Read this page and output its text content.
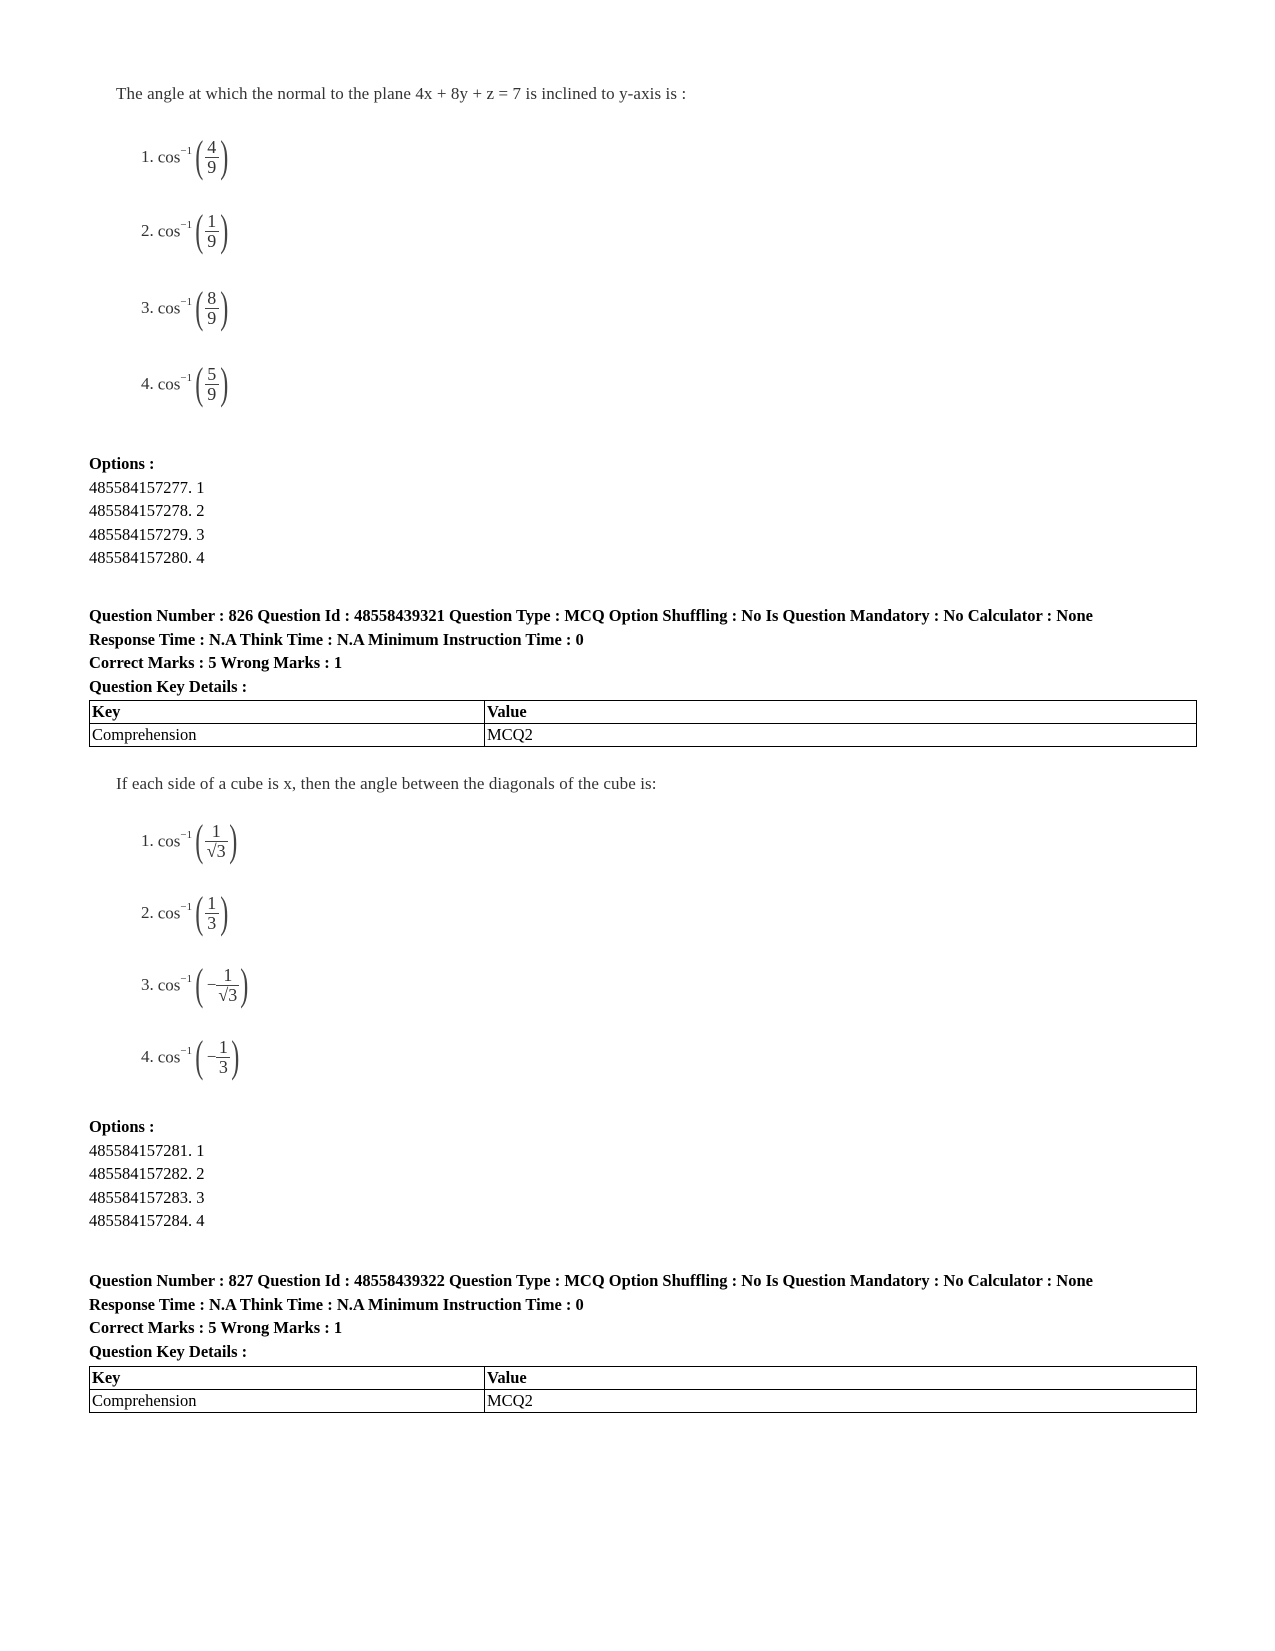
The angle at which the normal to the plane 4x + 8y + z = 7 is inclined to y-axis is :
1. $\cos^{-1}$ ( $\frac{4}{9}$ )
2. $\cos^{-1}$ ( $\frac{1}{9}$ )
3. $\cos^{-1}$ ( $\frac{8}{9}$ )
4. $\cos^{-1}$ ( $\frac{5}{9}$ )
Options :
485584157277. 1
485584157278. 2
485584157279. 3
485584157280. 4
Question Number : 826 Question Id : 48558439321 Question Type : MCQ Option Shuffling : No Is Question Mandatory : No Calculator : None
Response Time : N.A Think Time : N.A Minimum Instruction Time : 0
Correct Marks : 5 Wrong Marks : 1
Question Key Details :
Key	Value
Comprehension	MCQ2
If each side of a cube is x, then the angle between the diagonals of the cube is:
1. $\cos^{-1}$ ( $\frac{1}{√3}$ )
2. $\cos^{-1}$ ( $\frac{1}{3}$ )
3. $\cos^{-1}$ ( − $\frac{1}{√3}$ )
4. $\cos^{-1}$ ( − $\frac{1}{3}$ )
Options :
485584157281. 1
485584157282. 2
485584157283. 3
485584157284. 4
Question Number : 827 Question Id : 48558439322 Question Type : MCQ Option Shuffling : No Is Question Mandatory : No Calculator : None
Response Time : N.A Think Time : N.A Minimum Instruction Time : 0
Correct Marks : 5 Wrong Marks : 1
Question Key Details :
Key	Value
Comprehension	MCQ2
